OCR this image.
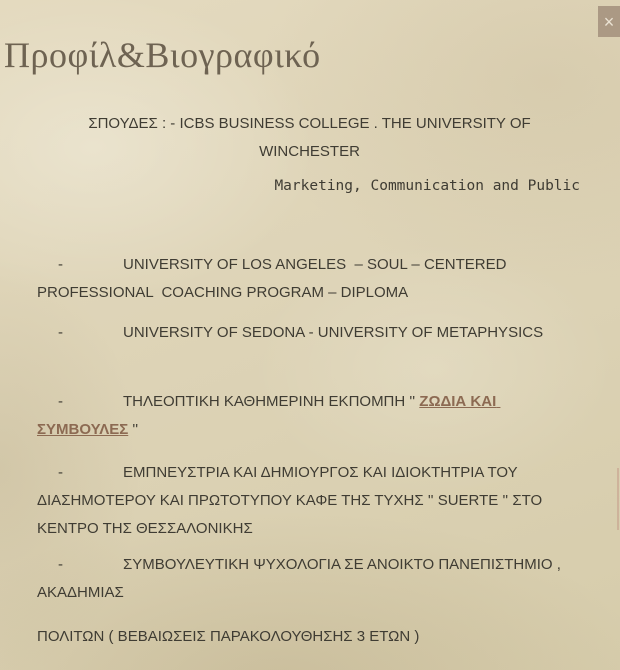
Προφίλ&Βιογραφικό
×
ΣΠΟΥΔΕΣ : - ICBS BUSINESS COLLEGE . THE UNIVERSITY OF WINCHESTER
Marketing, Communication and Public
-	UNIVERSITY OF LOS ANGELES  – SOUL – CENTERED PROFESSIONAL  COACHING PROGRAM – DIPLOMA
-	UNIVERSITY OF SEDONA - UNIVERSITY OF METAPHYSICS
-	ΤΗΛΕΟΠΤΙΚΗ ΚΑΘΗΜΕΡΙΝΗ ΕΚΠΟΜΠΗ '' ΖΩΔΙΑ ΚΑΙ ΣΥΜΒΟΥΛΕΣ ''
-	ΕΜΠΝΕΥΣΤΡΙΑ ΚΑΙ ΔΗΜΙΟΥΡΓΟΣ ΚΑΙ ΙΔΙΟΚΤΗΤΡΙΑ ΤΟΥ ΔΙΑΣΗΜΟΤΕΡΟΥ ΚΑΙ ΠΡΩΤΟΤΥΠΟΥ ΚΑΦΕ ΤΗΣ ΤΥΧΗΣ '' SUERTE '' ΣΤΟ ΚΕΝΤΡΟ ΤΗΣ ΘΕΣΣΑΛΟΝΙΚΗΣ
-	ΣΥΜΒΟΥΛΕΥΤΙΚΗ ΨΥΧΟΛΟΓΙΑ ΣΕ ΑΝΟΙΚΤΟ ΠΑΝΕΠΙΣΤΗΜΙΟ , ΑΚΑΔΗΜΙΑΣ
ΠΟΛΙΤΩΝ ( ΒΕΒΑΙΩΣΕΙΣ ΠΑΡΑΚΟΛΟΥΘΗΣΗΣ 3 ΕΤΩΝ )
